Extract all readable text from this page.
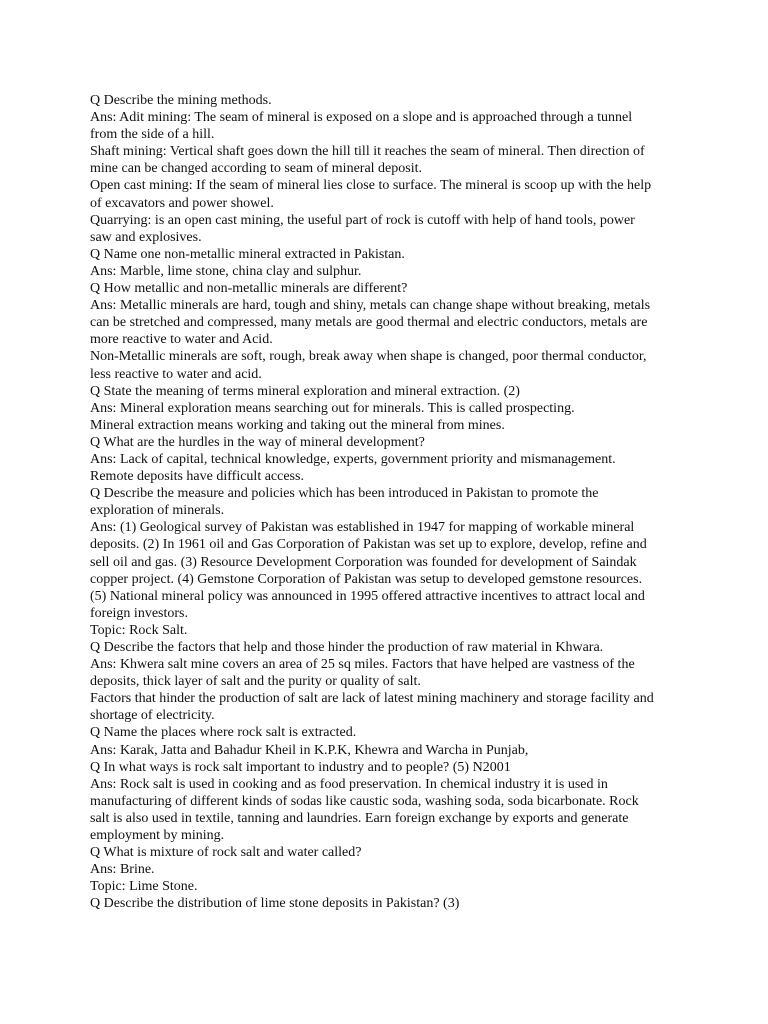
Q Describe the mining methods.
Ans: Adit mining: The seam of mineral is exposed on a slope and is approached through a tunnel
from the side of a hill.
Shaft mining: Vertical shaft goes down the hill till it reaches the seam of mineral. Then direction of
mine can be changed according to seam of mineral deposit.
Open cast mining: If the seam of mineral lies close to surface. The mineral is scoop up with the help
of excavators and power showel.
Quarrying: is an open cast mining, the useful part of rock is cutoff with help of hand tools, power
saw and explosives.
Q Name one non-metallic mineral extracted in Pakistan.
Ans: Marble, lime stone, china clay and sulphur.
Q How metallic and non-metallic minerals are different?
Ans: Metallic minerals are hard, tough and shiny, metals can change shape without breaking, metals
can be stretched and compressed, many metals are good thermal and electric conductors, metals are
more reactive to water and Acid.
Non-Metallic minerals are soft, rough, break away when shape is changed, poor thermal conductor,
less reactive to water and acid.
Q State the meaning of terms mineral exploration and mineral extraction. (2)
Ans: Mineral exploration means searching out for minerals. This is called prospecting.
Mineral extraction means working and taking out the mineral from mines.
Q What are the hurdles in the way of mineral development?
Ans: Lack of capital, technical knowledge, experts, government priority and mismanagement.
Remote deposits have difficult access.
Q Describe the measure and policies which has been introduced in Pakistan to promote the
exploration of minerals.
Ans: (1) Geological survey of Pakistan was established in 1947 for mapping of workable mineral
deposits. (2) In 1961 oil and Gas Corporation of Pakistan was set up to explore, develop, refine and
sell oil and gas. (3) Resource Development Corporation was founded for development of Saindak
copper project. (4) Gemstone Corporation of Pakistan was setup to developed gemstone resources.
(5) National mineral policy was announced in 1995 offered attractive incentives to attract local and
foreign investors.
Topic: Rock Salt.
Q Describe the factors that help and those hinder the production of raw material in Khwara.
Ans: Khwera salt mine covers an area of 25 sq miles. Factors that have helped are vastness of the
deposits, thick layer of salt and the purity or quality of salt.
Factors that hinder the production of salt are lack of latest mining machinery and storage facility and
shortage of electricity.
Q Name the places where rock salt is extracted.
Ans: Karak, Jatta and Bahadur Kheil in K.P.K, Khewra and Warcha in Punjab,
Q In what ways is rock salt important to industry and to people? (5) N2001
Ans: Rock salt is used in cooking and as food preservation. In chemical industry it is used in
manufacturing of different kinds of sodas like caustic soda, washing soda, soda bicarbonate. Rock
salt is also used in textile, tanning and laundries. Earn foreign exchange by exports and generate
employment by mining.
Q What is mixture of rock salt and water called?
Ans: Brine.
Topic: Lime Stone.
Q Describe the distribution of lime stone deposits in Pakistan? (3)
